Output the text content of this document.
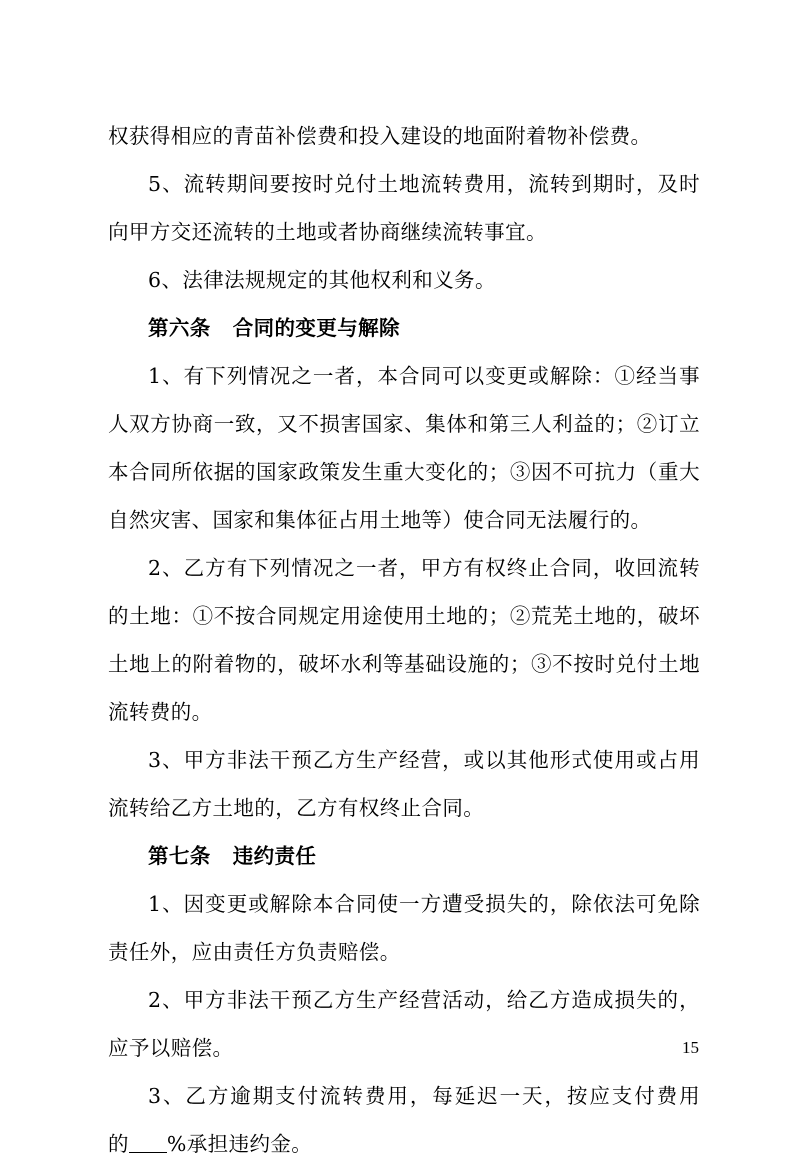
权获得相应的青苗补偿费和投入建设的地面附着物补偿费。
5、流转期间要按时兑付土地流转费用，流转到期时，及时
向甲方交还流转的土地或者协商继续流转事宜。
6、法律法规规定的其他权利和义务。
第六条 合同的变更与解除
1、有下列情况之一者，本合同可以变更或解除：①经当事
人双方协商一致，又不损害国家、集体和第三人利益的；②订立
本合同所依据的国家政策发生重大变化的；③因不可抗力（重大
自然灾害、国家和集体征占用土地等）使合同无法履行的。
2、乙方有下列情况之一者，甲方有权终止合同，收回流转
的土地：①不按合同规定用途使用土地的；②荒芜土地的，破坏
土地上的附着物的，破坏水利等基础设施的；③不按时兑付土地
流转费的。
3、甲方非法干预乙方生产经营，或以其他形式使用或占用
流转给乙方土地的，乙方有权终止合同。
第七条 违约责任
1、因变更或解除本合同使一方遭受损失的，除依法可免除
责任外，应由责任方负责赔偿。
2、甲方非法干预乙方生产经营活动，给乙方造成损失的，
应予以赔偿。
3、乙方逾期支付流转费用，每延迟一天，按应支付费用
的 %承担违约金。
15
